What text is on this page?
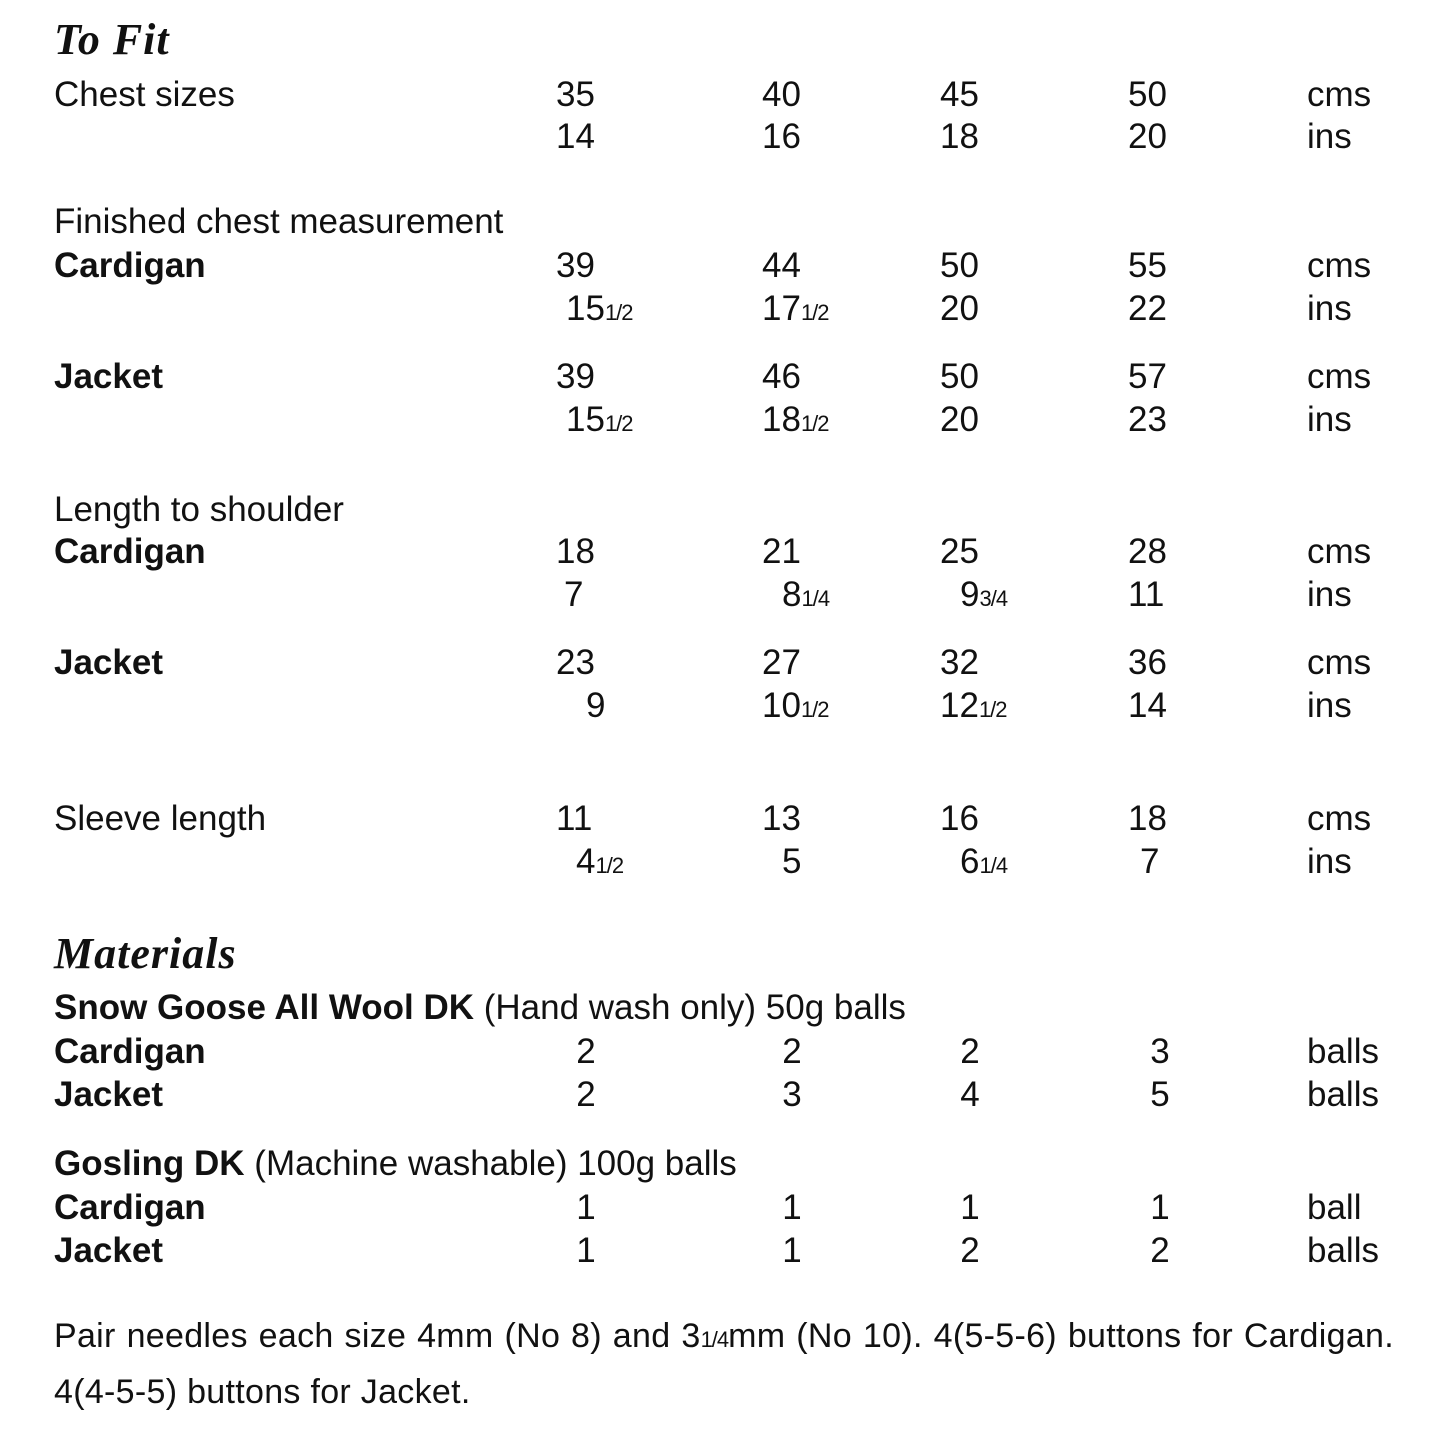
To Fit
Chest sizes	35	40	45	50	cms
14	16	18	20	ins
Finished chest measurement
Cardigan	39	44	50	55	cms
151/2	171/2	20	22	ins
Jacket	39	46	50	57	cms
151/2	181/2	20	23	ins
Length to shoulder
Cardigan	18	21	25	28	cms
7	81/4	93/4	11	ins
Jacket	23	27	32	36	cms
9	101/2	121/2	14	ins
Sleeve length	11	13	16	18	cms
41/2	5	61/4	7	ins
Materials
Snow Goose All Wool DK (Hand wash only) 50g balls
Cardigan	2	2	2	3	balls
Jacket	2	3	4	5	balls
Gosling DK (Machine washable) 100g balls
Cardigan	1	1	1	1	ball
Jacket	1	1	2	2	balls
Pair needles each size 4mm (No 8) and 31/4mm (No 10). 4(5-5-6) buttons for Cardigan. 4(4-5-5) buttons for Jacket.
